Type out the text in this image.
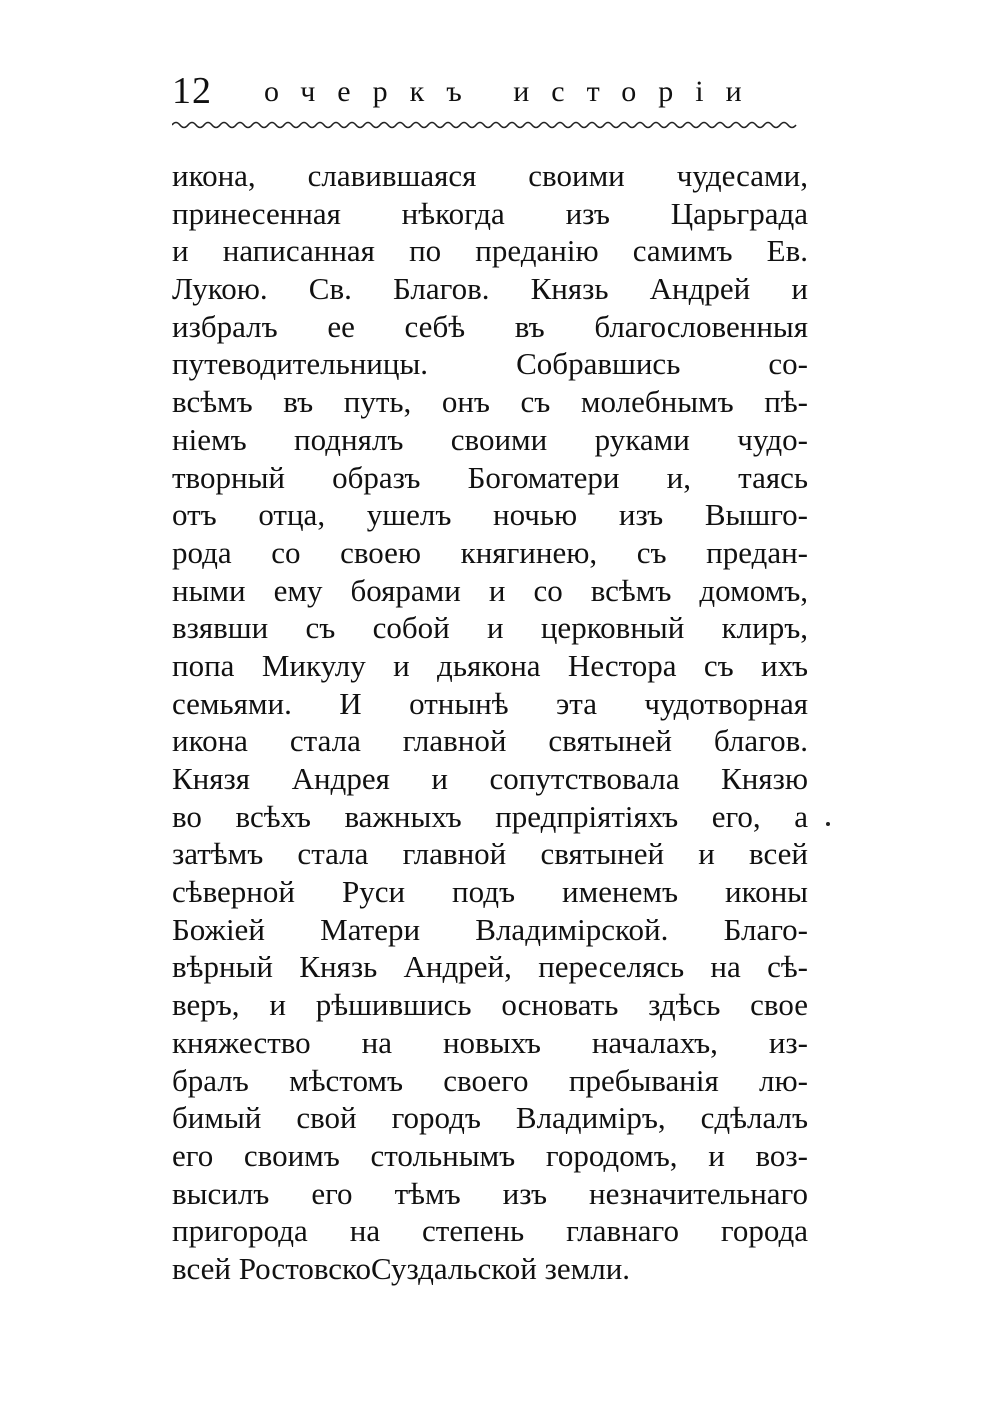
12 очеркъ исторіи
икона, славившаяся своими чудесами,
принесенная нѣкогда изъ Царьграда
и написанная по преданію самимъ Ев.
Лукою. Св. Благов. Князь Андрей и
избралъ ее себѣ въ благословенныя
путеводительницы. Собравшись со-
всѣмъ въ путь, онъ съ молебнымъ пѣ-
ніемъ поднялъ своими руками чудо-
творный образъ Богоматери и, таясь
отъ отца, ушелъ ночью изъ Вышго-
рода со своею княгинею, съ предан-
ными ему боярами и со всѣмъ домомъ,
взявши съ собой и церковный клиръ,
попа Микулу и дьякона Нестора съ ихъ
семьями. И отнынѣ эта чудотворная
икона стала главной святыней благов.
Князя Андрея и сопутствовала Князю
во всѣхъ важныхъ предпріятіяхъ его, а
затѣмъ стала главной святыней и всей
сѣверной Руси подъ именемъ иконы
Божіей Матери Владимірской. Благо-
вѣрный Князь Андрей, переселясь на сѣ-
веръ, и рѣшившись основать здѣсь свое
княжество на новыхъ началахъ, из-
бралъ мѣстомъ своего пребыванія лю-
бимый свой городъ Владиміръ, сдѣлалъ
его своимъ стольнымъ городомъ, и воз-
высилъ его тѣмъ изъ незначительнаго
пригорода на степень главнаго города
всей РостовскоСуздальской земли.
